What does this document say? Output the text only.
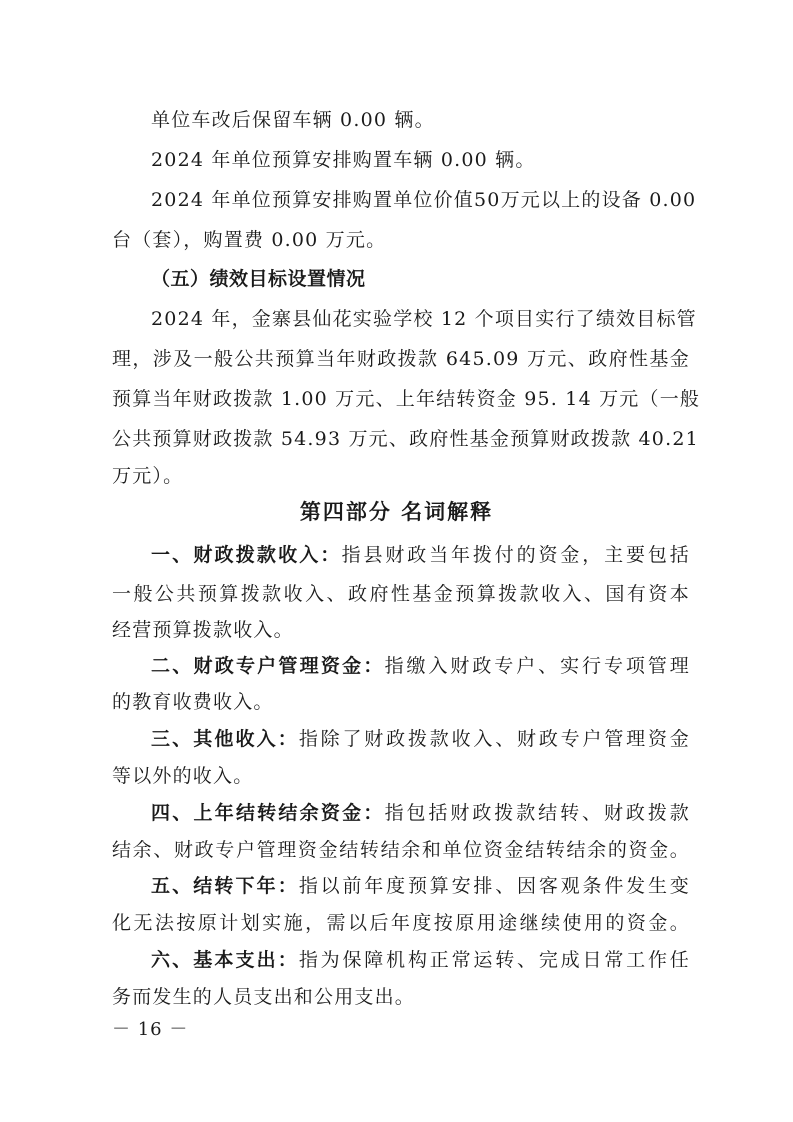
单位车改后保留车辆 0.00 辆。
2024 年单位预算安排购置车辆 0.00 辆。
2024 年单位预算安排购置单位价值50万元以上的设备 0.00
台（套），购置费 0.00 万元。
（五）绩效目标设置情况
2024 年，金寨县仙花实验学校 12 个项目实行了绩效目标管
理，涉及一般公共预算当年财政拨款 645.09 万元、政府性基金
预算当年财政拨款 1.00 万元、上年结转资金 95. 14 万元（一般
公共预算财政拨款 54.93 万元、政府性基金预算财政拨款 40.21
万元）。
第四部分 名词解释
一、财政拨款收入：指县财政当年拨付的资金，主要包括
一般公共预算拨款收入、政府性基金预算拨款收入、国有资本
经营预算拨款收入。
二、财政专户管理资金：指缴入财政专户、实行专项管理
的教育收费收入。
三、其他收入：指除了财政拨款收入、财政专户管理资金
等以外的收入。
四、上年结转结余资金：指包括财政拨款结转、财政拨款
结余、财政专户管理资金结转结余和单位资金结转结余的资金。
五、结转下年：指以前年度预算安排、因客观条件发生变
化无法按原计划实施，需以后年度按原用途继续使用的资金。
六、基本支出：指为保障机构正常运转、完成日常工作任
务而发生的人员支出和公用支出。
－ 16 －
